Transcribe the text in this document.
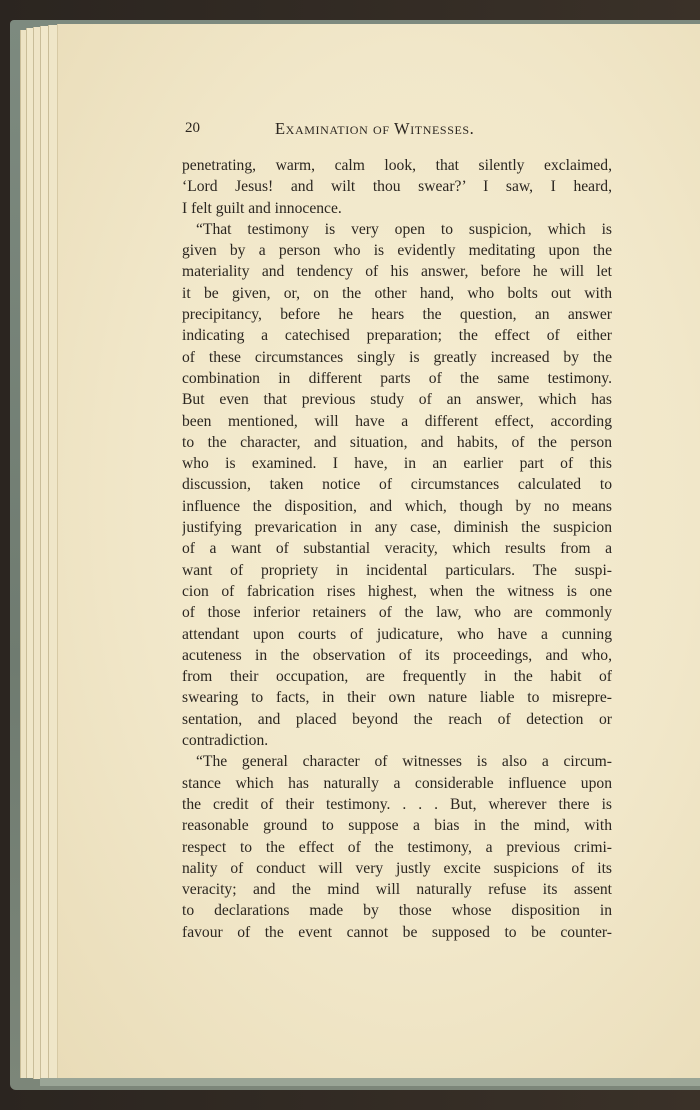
20	Examination of Witnesses.
penetrating, warm, calm look, that silently exclaimed,
‘Lord Jesus! and wilt thou swear?’ I saw, I heard,
I felt guilt and innocence.
“That testimony is very open to suspicion, which is
given by a person who is evidently meditating upon the
materiality and tendency of his answer, before he will let
it be given, or, on the other hand, who bolts out with
precipitancy, before he hears the question, an answer
indicating a catechised preparation; the effect of either
of these circumstances singly is greatly increased by the
combination in different parts of the same testimony.
But even that previous study of an answer, which has
been mentioned, will have a different effect, according
to the character, and situation, and habits, of the person
who is examined. I have, in an earlier part of this
discussion, taken notice of circumstances calculated to
influence the disposition, and which, though by no means
justifying prevarication in any case, diminish the suspicion
of a want of substantial veracity, which results from a
want of propriety in incidental particulars. The suspi-
cion of fabrication rises highest, when the witness is one
of those inferior retainers of the law, who are commonly
attendant upon courts of judicature, who have a cunning
acuteness in the observation of its proceedings, and who,
from their occupation, are frequently in the habit of
swearing to facts, in their own nature liable to misrepre-
sentation, and placed beyond the reach of detection or
contradiction.
“The general character of witnesses is also a circum-
stance which has naturally a considerable influence upon
the credit of their testimony. . . . But, wherever there is
reasonable ground to suppose a bias in the mind, with
respect to the effect of the testimony, a previous crimi-
nality of conduct will very justly excite suspicions of its
veracity; and the mind will naturally refuse its assent
to declarations made by those whose disposition in
favour of the event cannot be supposed to be counter-
